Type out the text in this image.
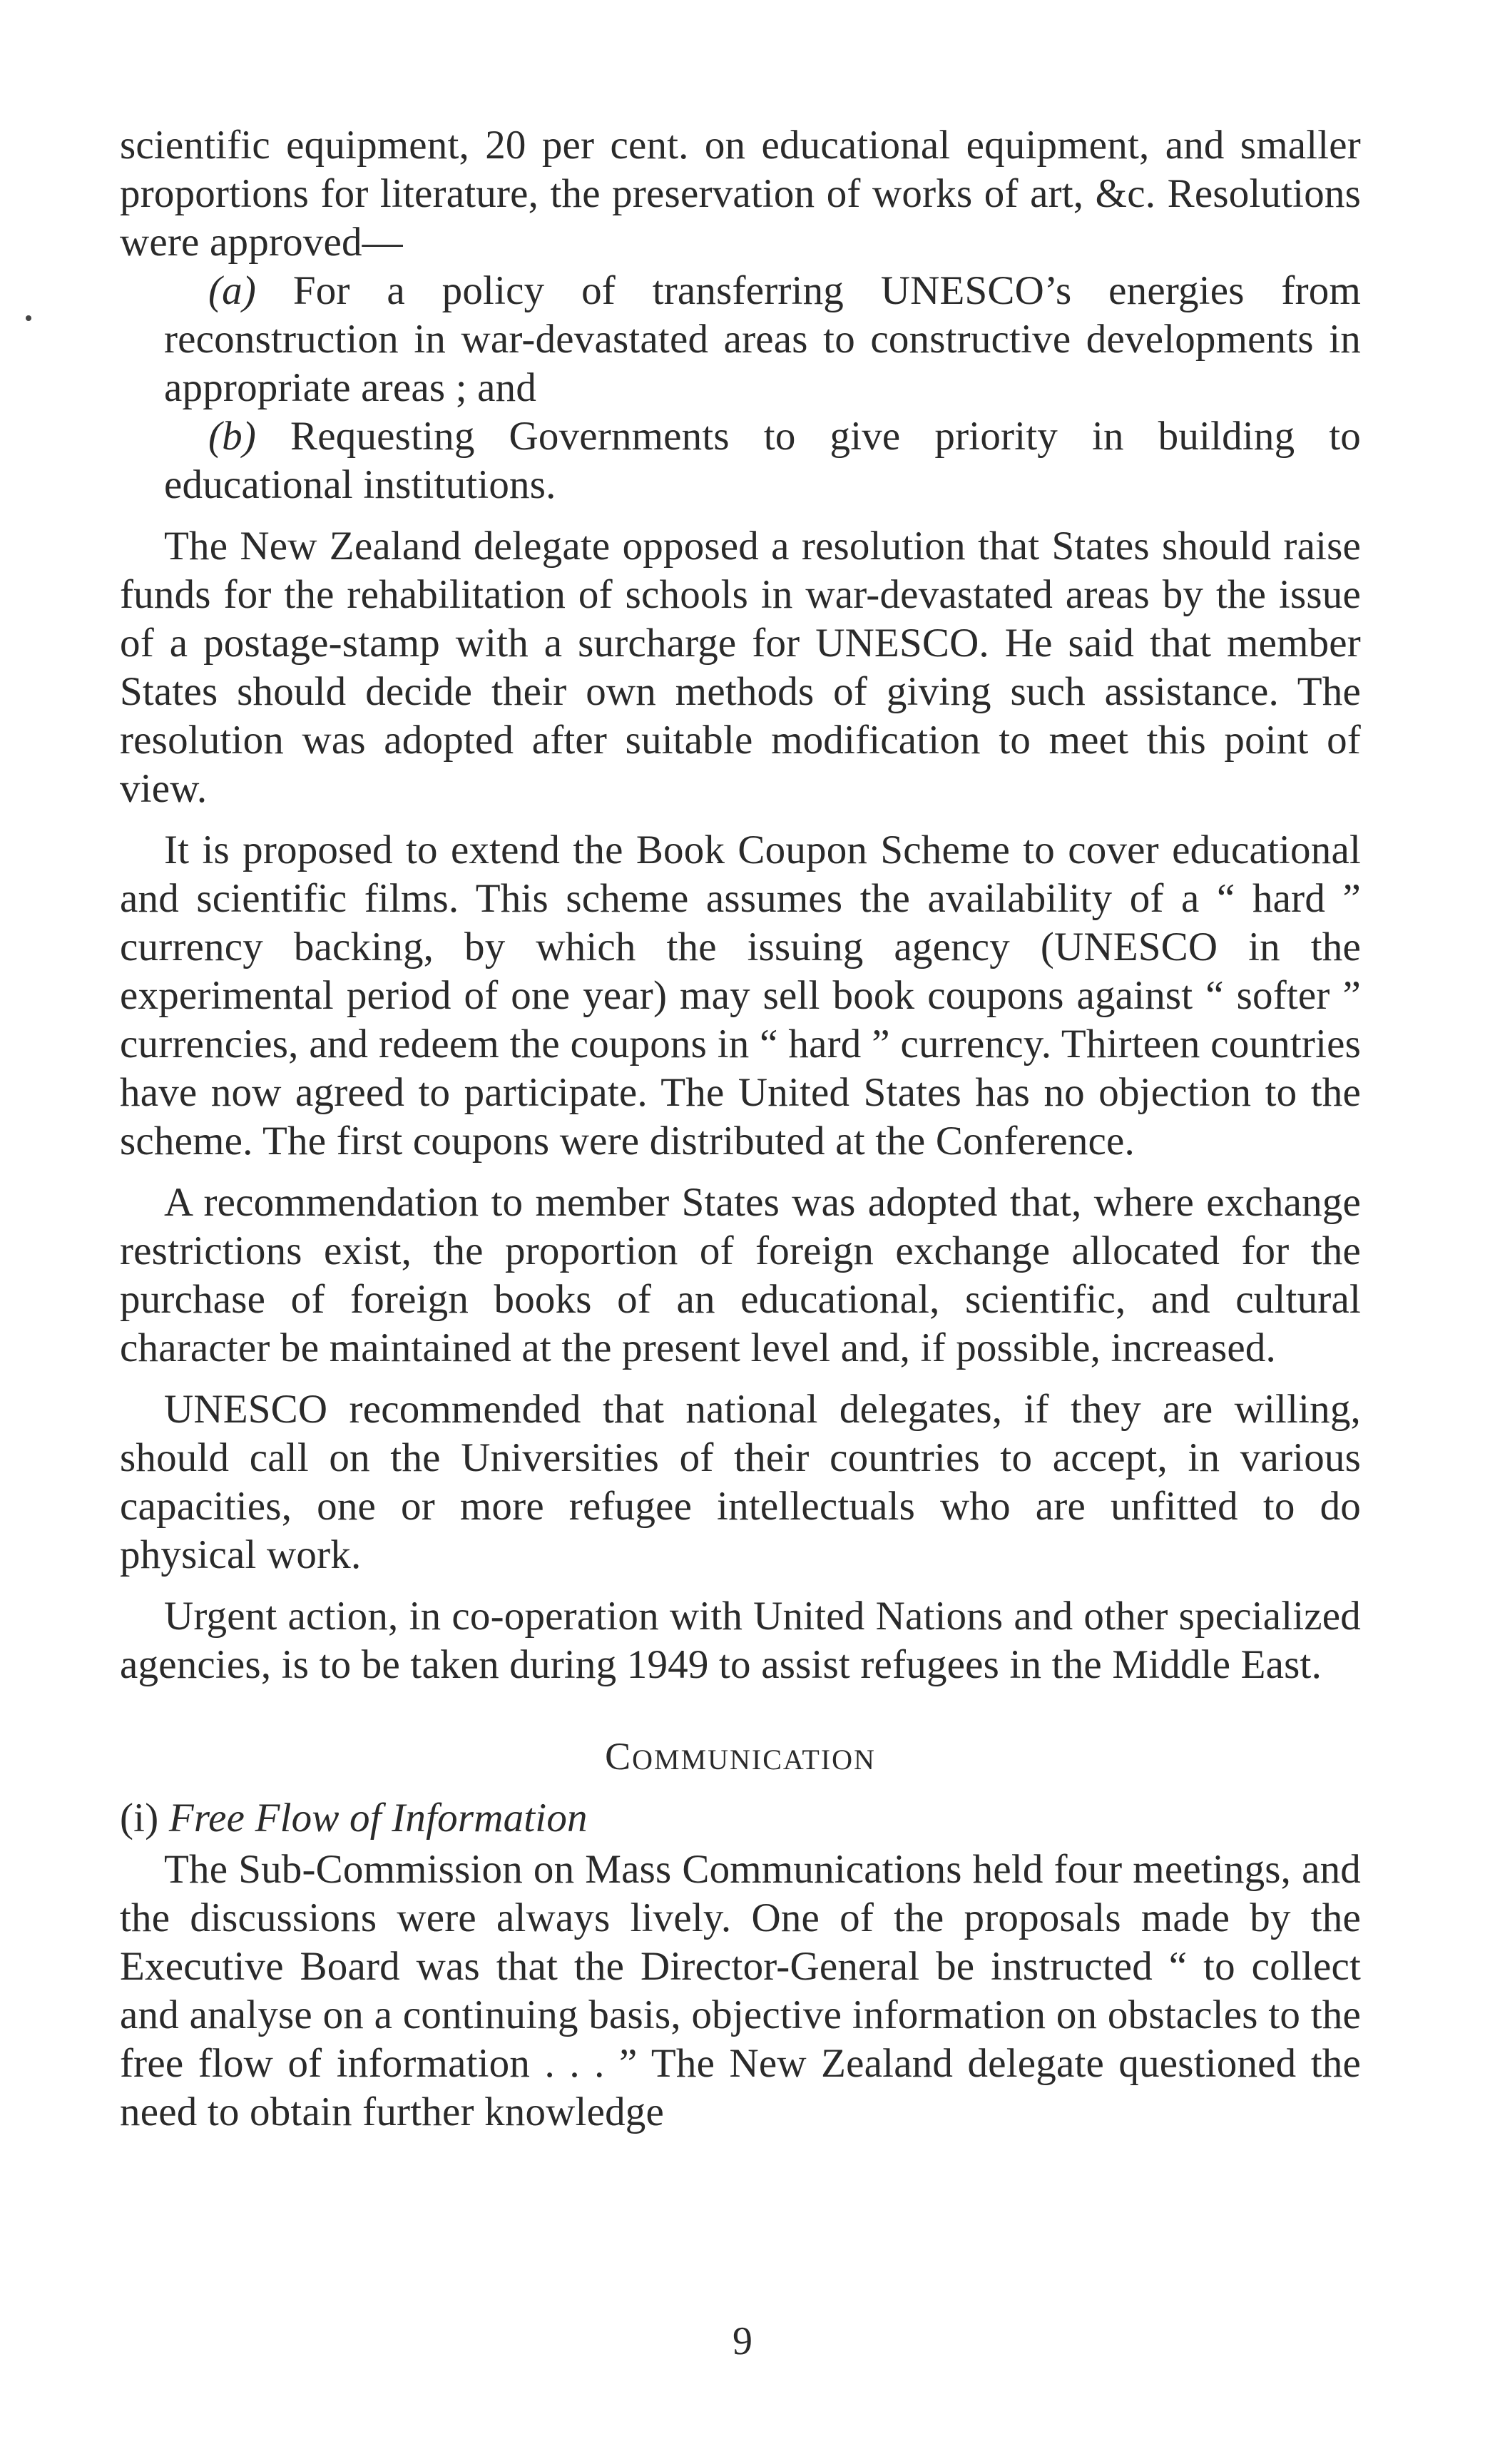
scientific equipment, 20 per cent. on educational equipment, and smaller proportions for literature, the preservation of works of art, &c. Resolutions were approved—

(a) For a policy of transferring UNESCO’s energies from reconstruction in war-devastated areas to constructive developments in appropriate areas ; and

(b) Requesting Governments to give priority in building to educational institutions.

The New Zealand delegate opposed a resolution that States should raise funds for the rehabilitation of schools in war-devastated areas by the issue of a postage-stamp with a surcharge for UNESCO. He said that member States should decide their own methods of giving such assistance. The resolution was adopted after suitable modification to meet this point of view.

It is proposed to extend the Book Coupon Scheme to cover educational and scientific films. This scheme assumes the availability of a “ hard ” currency backing, by which the issuing agency (UNESCO in the experimental period of one year) may sell book coupons against “ softer ” currencies, and redeem the coupons in “ hard ” currency. Thirteen countries have now agreed to participate. The United States has no objection to the scheme. The first coupons were distributed at the Conference.

A recommendation to member States was adopted that, where exchange restrictions exist, the proportion of foreign exchange allocated for the purchase of foreign books of an educational, scientific, and cultural character be maintained at the present level and, if possible, increased.

UNESCO recommended that national delegates, if they are willing, should call on the Universities of their countries to accept, in various capacities, one or more refugee intellectuals who are unfitted to do physical work.

Urgent action, in co-operation with United Nations and other specialized agencies, is to be taken during 1949 to assist refugees in the Middle East.

COMMUNICATION
(i) Free Flow of Information

The Sub-Commission on Mass Communications held four meetings, and the discussions were always lively. One of the proposals made by the Executive Board was that the Director-General be instructed “ to collect and analyse on a continuing basis, objective information on obstacles to the free flow of information . . . ” The New Zealand delegate questioned the need to obtain further knowledge

9
